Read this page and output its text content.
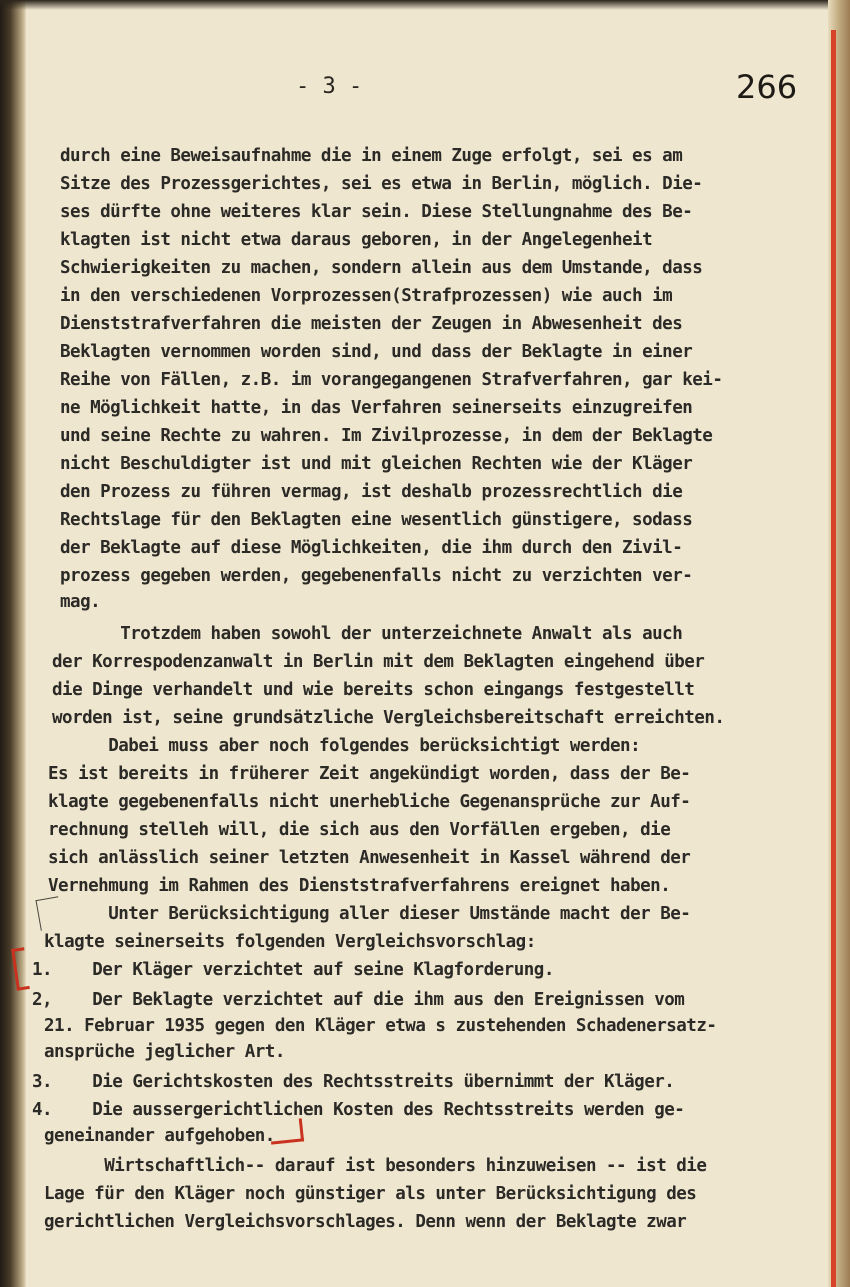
- 3 -	266
durch eine Beweisaufnahme die in einem Zuge erfolgt, sei es am
Sitze des Prozessgerichtes, sei es etwa in Berlin, möglich. Die-
ses dürfte ohne weiteres klar sein. Diese Stellungnahme des Be-
klagten ist nicht etwa daraus geboren, in der Angelegenheit
Schwierigkeiten zu machen, sondern allein aus dem Umstande, dass
in den verschiedenen Vorprozessen(Strafprozessen) wie auch im
Dienststrafverfahren die meisten der Zeugen in Abwesenheit des
Beklagten vernommen worden sind, und dass der Beklagte in einer
Reihe von Fällen, z.B. im vorangegangenen Strafverfahren, gar kei-
ne Möglichkeit hatte, in das Verfahren seinerseits einzugreifen
und seine Rechte zu wahren. Im Zivilprozesse, in dem der Beklagte
nicht Beschuldigter ist und mit gleichen Rechten wie der Kläger
den Prozess zu führen vermag, ist deshalb prozessrechtlich die
Rechtslage für den Beklagten eine wesentlich günstigere, sodass
der Beklagte auf diese Möglichkeiten, die ihm durch den Zivil-
prozess gegeben werden, gegebenenfalls nicht zu verzichten ver-
mag.
Trotzdem haben sowohl der unterzeichnete Anwalt als auch
der Korrespodenzanwalt in Berlin mit dem Beklagten eingehend über
die Dinge verhandelt und wie bereits schon eingangs festgestellt
worden ist, seine grundsätzliche Vergleichsbereitschaft erreichten.
Dabei muss aber noch folgendes berücksichtigt werden:
Es ist bereits in früherer Zeit angekündigt worden, dass der Be-
klagte gegebenenfalls nicht unerhebliche Gegenansprüche zur Auf-
rechnung stelleh will, die sich aus den Vorfällen ergeben, die
sich anlässlich seiner letzten Anwesenheit in Kassel während der
Vernehmung im Rahmen des Dienststrafverfahrens ereignet haben.
Unter Berücksichtigung aller dieser Umstände macht der Be-
klagte seinerseits folgenden Vergleichsvorschlag:
1.    Der Kläger verzichtet auf seine Klagforderung.
2,    Der Beklagte verzichtet auf die ihm aus den Ereignissen vom
21. Februar 1935 gegen den Kläger etwa s zustehenden Schadenersatz-
ansprüche jeglicher Art.
3.    Die Gerichtskosten des Rechtsstreits übernimmt der Kläger.
4.    Die aussergerichtlichen Kosten des Rechtsstreits werden ge-
geneinander aufgehoben.
Wirtschaftlich-- darauf ist besonders hinzuweisen -- ist die
Lage für den Kläger noch günstiger als unter Berücksichtigung des
gerichtlichen Vergleichsvorschlages. Denn wenn der Beklagte zwar
